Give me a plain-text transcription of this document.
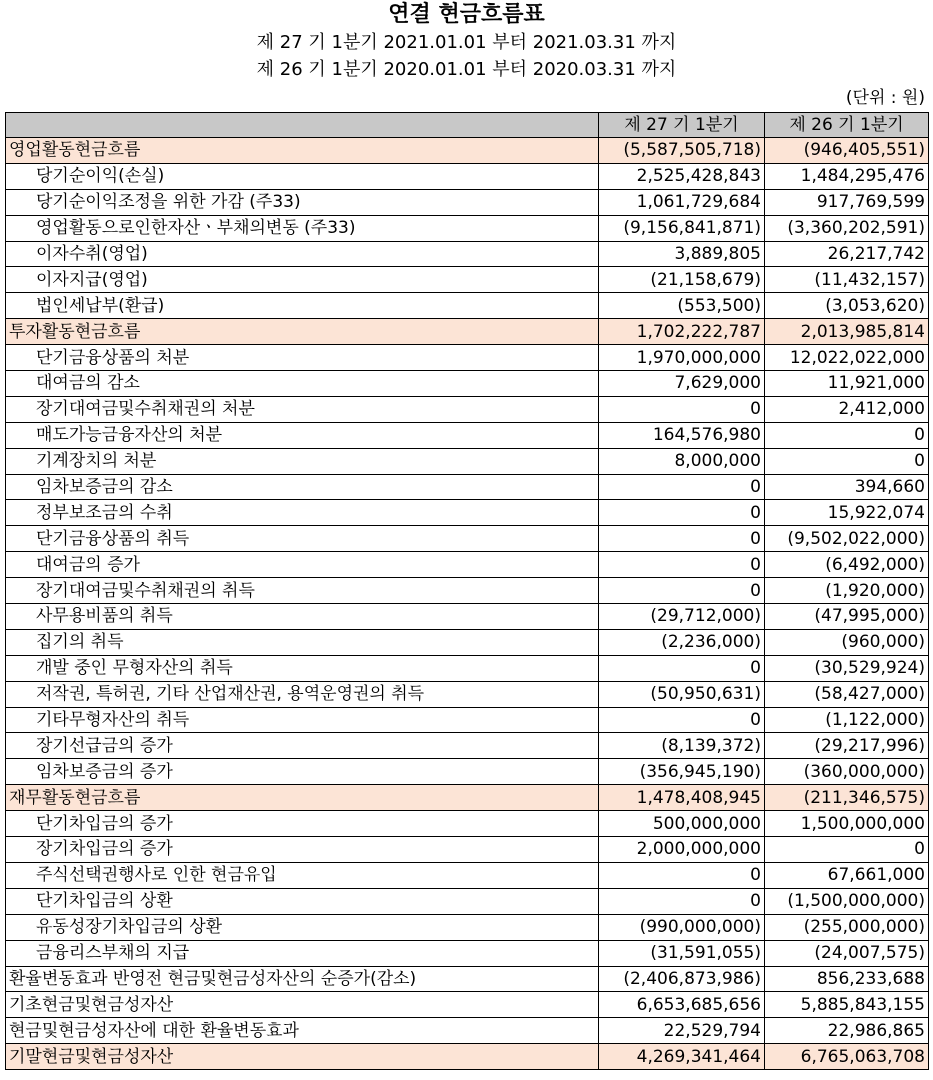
연결 현금흐름표
제 27 기 1분기 2021.01.01 부터 2021.03.31 까지
제 26 기 1분기 2020.01.01 부터 2020.03.31 까지
(단위 : 원)
	제 27 기 1분기	제 26 기 1분기
영업활동현금흐름	(5,587,505,718)	(946,405,551)
당기순이익(손실)	2,525,428,843	1,484,295,476
당기순이익조정을 위한 가감 (주33)	1,061,729,684	917,769,599
영업활동으로인한자산ㆍ부채의변동 (주33)	(9,156,841,871)	(3,360,202,591)
이자수취(영업)	3,889,805	26,217,742
이자지급(영업)	(21,158,679)	(11,432,157)
법인세납부(환급)	(553,500)	(3,053,620)
투자활동현금흐름	1,702,222,787	2,013,985,814
단기금융상품의 처분	1,970,000,000	12,022,022,000
대여금의 감소	7,629,000	11,921,000
장기대여금및수취채권의 처분	0	2,412,000
매도가능금융자산의 처분	164,576,980	0
기계장치의 처분	8,000,000	0
임차보증금의 감소	0	394,660
정부보조금의 수취	0	15,922,074
단기금융상품의 취득	0	(9,502,022,000)
대여금의 증가	0	(6,492,000)
장기대여금및수취채권의 취득	0	(1,920,000)
사무용비품의 취득	(29,712,000)	(47,995,000)
집기의 취득	(2,236,000)	(960,000)
개발 중인 무형자산의 취득	0	(30,529,924)
저작권, 특허권, 기타 산업재산권, 용역운영권의 취득	(50,950,631)	(58,427,000)
기타무형자산의 취득	0	(1,122,000)
장기선급금의 증가	(8,139,372)	(29,217,996)
임차보증금의 증가	(356,945,190)	(360,000,000)
재무활동현금흐름	1,478,408,945	(211,346,575)
단기차입금의 증가	500,000,000	1,500,000,000
장기차입금의 증가	2,000,000,000	0
주식선택권행사로 인한 현금유입	0	67,661,000
단기차입금의 상환	0	(1,500,000,000)
유동성장기차입금의 상환	(990,000,000)	(255,000,000)
금융리스부채의 지급	(31,591,055)	(24,007,575)
환율변동효과 반영전 현금및현금성자산의 순증가(감소)	(2,406,873,986)	856,233,688
기초현금및현금성자산	6,653,685,656	5,885,843,155
현금및현금성자산에 대한 환율변동효과	22,529,794	22,986,865
기말현금및현금성자산	4,269,341,464	6,765,063,708
